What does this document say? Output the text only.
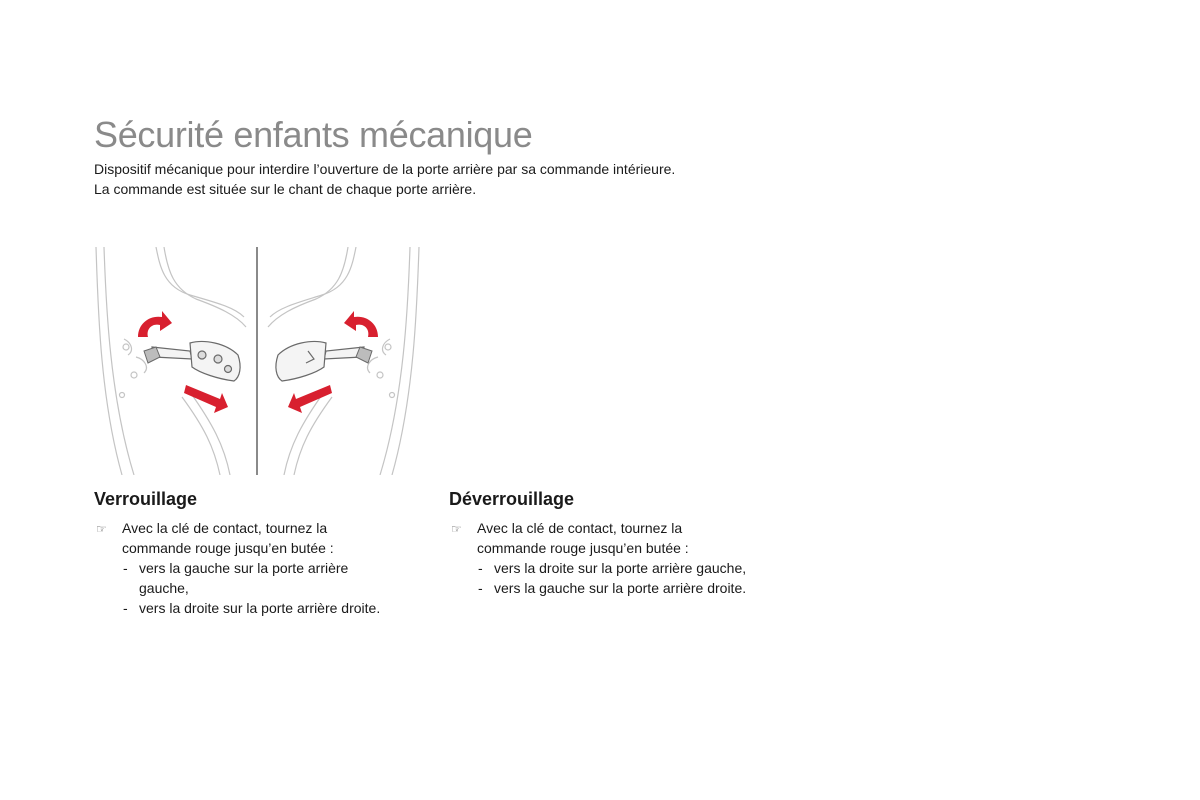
Sécurité enfants mécanique

Dispositif mécanique pour interdire l’ouverture de la porte arrière par sa commande intérieure.

La commande est située sur le chant de chaque porte arrière.

Verrouillage
☞ Avec la clé de contact, tournez la
commande rouge jusqu’en butée :
- vers la gauche sur la porte arrière
gauche,
- vers la droite sur la porte arrière droite.
Déverrouillage
☞ Avec la clé de contact, tournez la
commande rouge jusqu’en butée :
- vers la droite sur la porte arrière gauche,
- vers la gauche sur la porte arrière droite.
